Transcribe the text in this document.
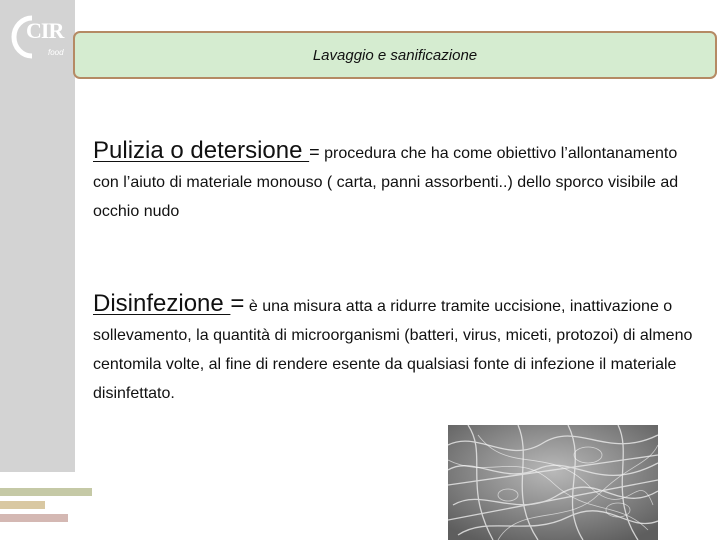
CIR
food	Lavaggio e sanificazione
Pulizia o detersione = procedura che ha come obiettivo l’allontanamento con l’aiuto di materiale monouso ( carta, panni assorbenti..) dello sporco visibile ad occhio nudo
Disinfezione = è una misura atta a ridurre tramite uccisione, inattivazione o sollevamento, la quantità di microorganismi (batteri, virus, miceti, protozoi) di almeno centomila volte, al fine di rendere esente da qualsiasi fonte di infezione il materiale disinfettato.
